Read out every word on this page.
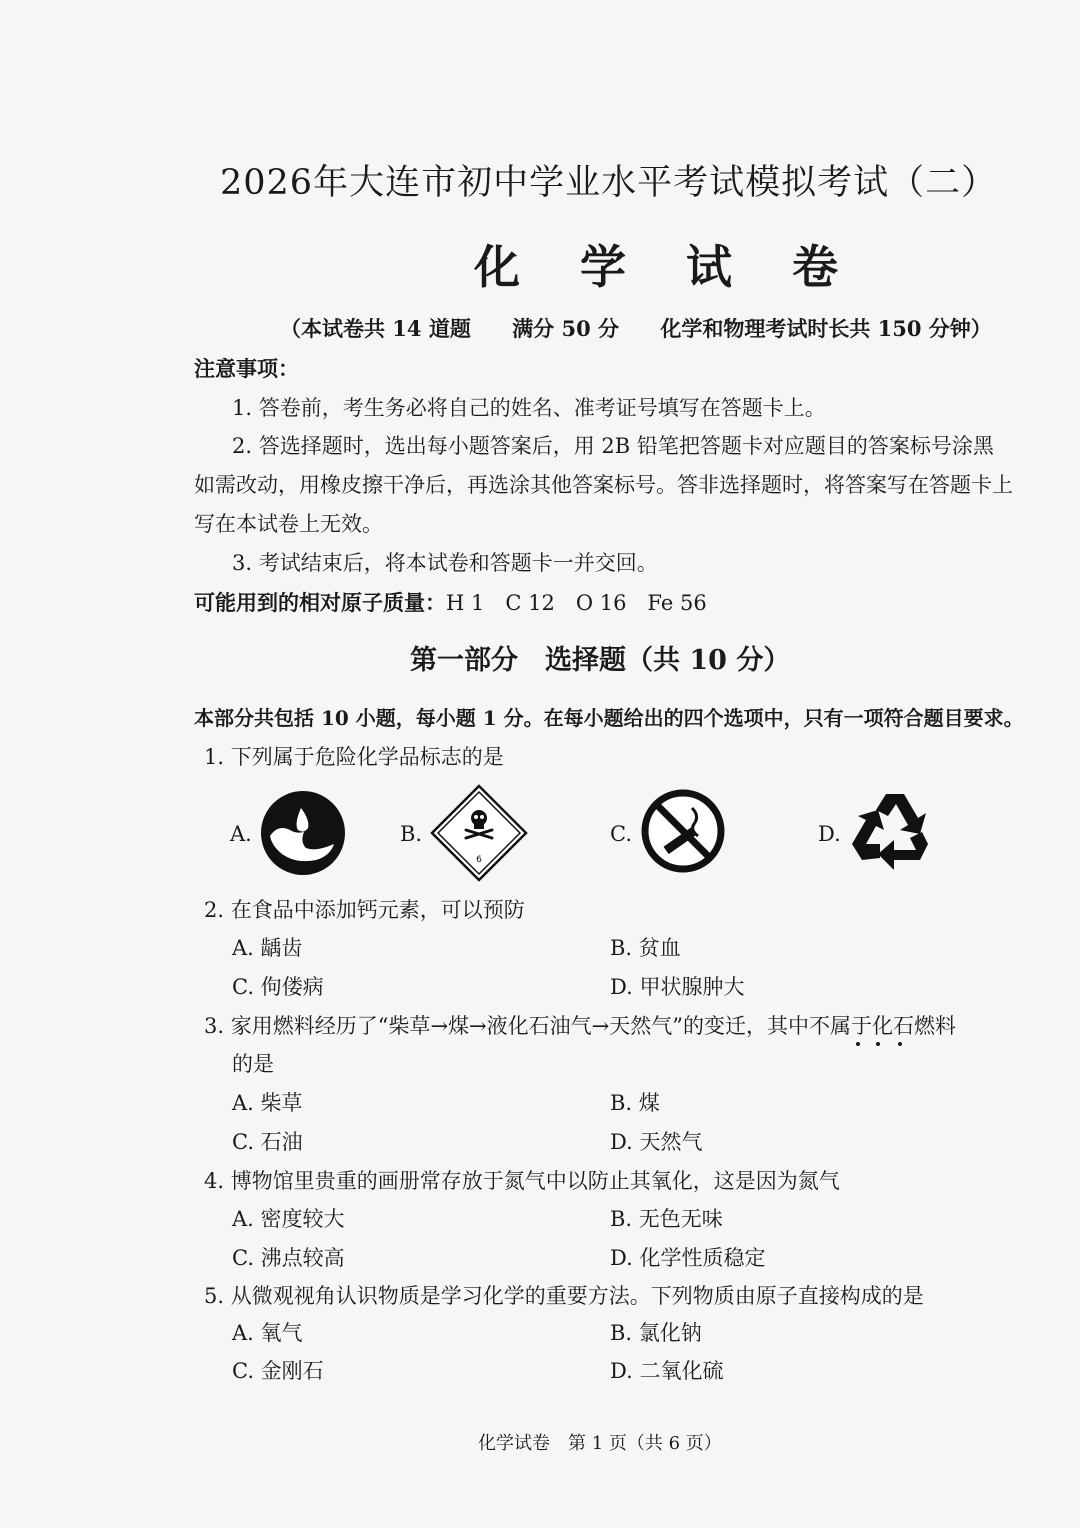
2026年大连市初中学业水平考试模拟考试（二）
化 学 试 卷
（本试卷共 14 道题 满分 50 分 化学和物理考试时长共 150 分钟）
注意事项：
1. 答卷前，考生务必将自己的姓名、准考证号填写在答题卡上。
2. 答选择题时，选出每小题答案后，用 2B 铅笔把答题卡对应题目的答案标号涂黑
如需改动，用橡皮擦干净后，再选涂其他答案标号。答非选择题时，将答案写在答题卡上
写在本试卷上无效。
3. 考试结束后，将本试卷和答题卡一并交回。
可能用到的相对原子质量：H 1　C 12　O 16　Fe 56
第一部分　选择题（共 10 分）
本部分共包括 10 小题，每小题 1 分。在每小题给出的四个选项中，只有一项符合题目要求。
1. 下列属于危险化学品标志的是
A.	B.
6
C.	D.
2. 在食品中添加钙元素，可以预防
A. 龋齿	B. 贫血
C. 佝偻病	D. 甲状腺肿大
3. 家用燃料经历了“柴草→煤→液化石油气→天然气”的变迁，其中不属于化石燃料
的是
A. 柴草	B. 煤
C. 石油	D. 天然气
4. 博物馆里贵重的画册常存放于氮气中以防止其氧化，这是因为氮气
A. 密度较大	B. 无色无味
C. 沸点较高	D. 化学性质稳定
5. 从微观视角认识物质是学习化学的重要方法。下列物质由原子直接构成的是
A. 氧气	B. 氯化钠
C. 金刚石	D. 二氧化硫
化学试卷　第 1 页（共 6 页）
